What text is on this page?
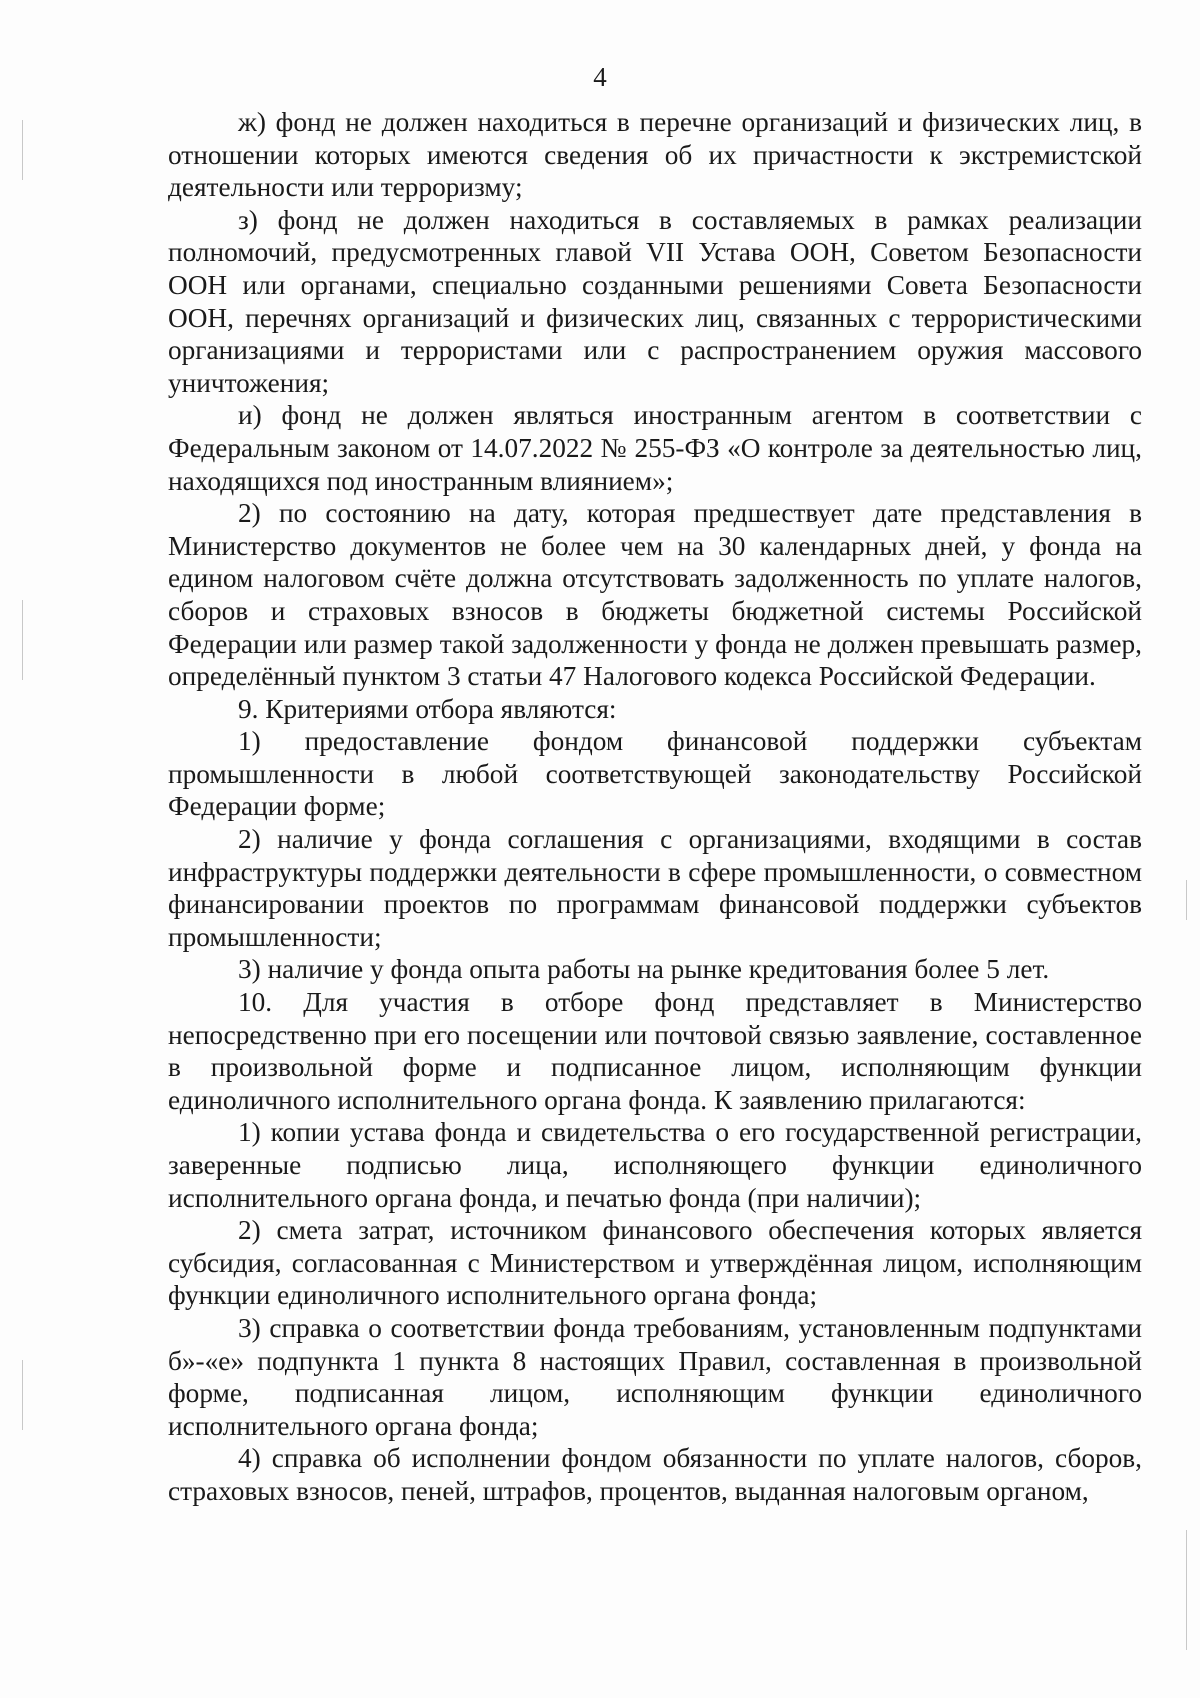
4

ж) фонд не должен находиться в перечне организаций и физических лиц, в отношении которых имеются сведения об их причастности к экстремистской деятельности или терроризму;

з) фонд не должен находиться в составляемых в рамках реализации полномочий, предусмотренных главой VII Устава ООН, Советом Безопасности ООН или органами, специально созданными решениями Совета Безопасности ООН, перечнях организаций и физических лиц, связанных с террористическими организациями и террористами или с распространением оружия массового уничтожения;

и) фонд не должен являться иностранным агентом в соответствии с Федеральным законом от 14.07.2022 № 255-ФЗ «О контроле за деятельностью лиц, находящихся под иностранным влиянием»;

2) по состоянию на дату, которая предшествует дате представления в Министерство документов не более чем на 30 календарных дней, у фонда на едином налоговом счёте должна отсутствовать задолженность по уплате налогов, сборов и страховых взносов в бюджеты бюджетной системы Российской Федерации или размер такой задолженности у фонда не должен превышать размер, определённый пунктом 3 статьи 47 Налогового кодекса Российской Федерации.

9. Критериями отбора являются:

1) предоставление фондом финансовой поддержки субъектам промышленности в любой соответствующей законодательству Российской Федерации форме;

2) наличие у фонда соглашения с организациями, входящими в состав инфраструктуры поддержки деятельности в сфере промышленности, о совместном финансировании проектов по программам финансовой поддержки субъектов промышленности;

3) наличие у фонда опыта работы на рынке кредитования более 5 лет.

10. Для участия в отборе фонд представляет в Министерство непосредственно при его посещении или почтовой связью заявление, составленное в произвольной форме и подписанное лицом, исполняющим функции единоличного исполнительного органа фонда. К заявлению прилагаются:

1) копии устава фонда и свидетельства о его государственной регистрации, заверенные подписью лица, исполняющего функции единоличного исполнительного органа фонда, и печатью фонда (при наличии);

2) смета затрат, источником финансового обеспечения которых является субсидия, согласованная с Министерством и утверждённая лицом, исполняющим функции единоличного исполнительного органа фонда;

3) справка о соответствии фонда требованиям, установленным подпунктами б»-«е» подпункта 1 пункта 8 настоящих Правил, составленная в произвольной форме, подписанная лицом, исполняющим функции единоличного исполнительного органа фонда;

4) справка об исполнении фондом обязанности по уплате налогов, сборов, страховых взносов, пеней, штрафов, процентов, выданная налоговым органом,
